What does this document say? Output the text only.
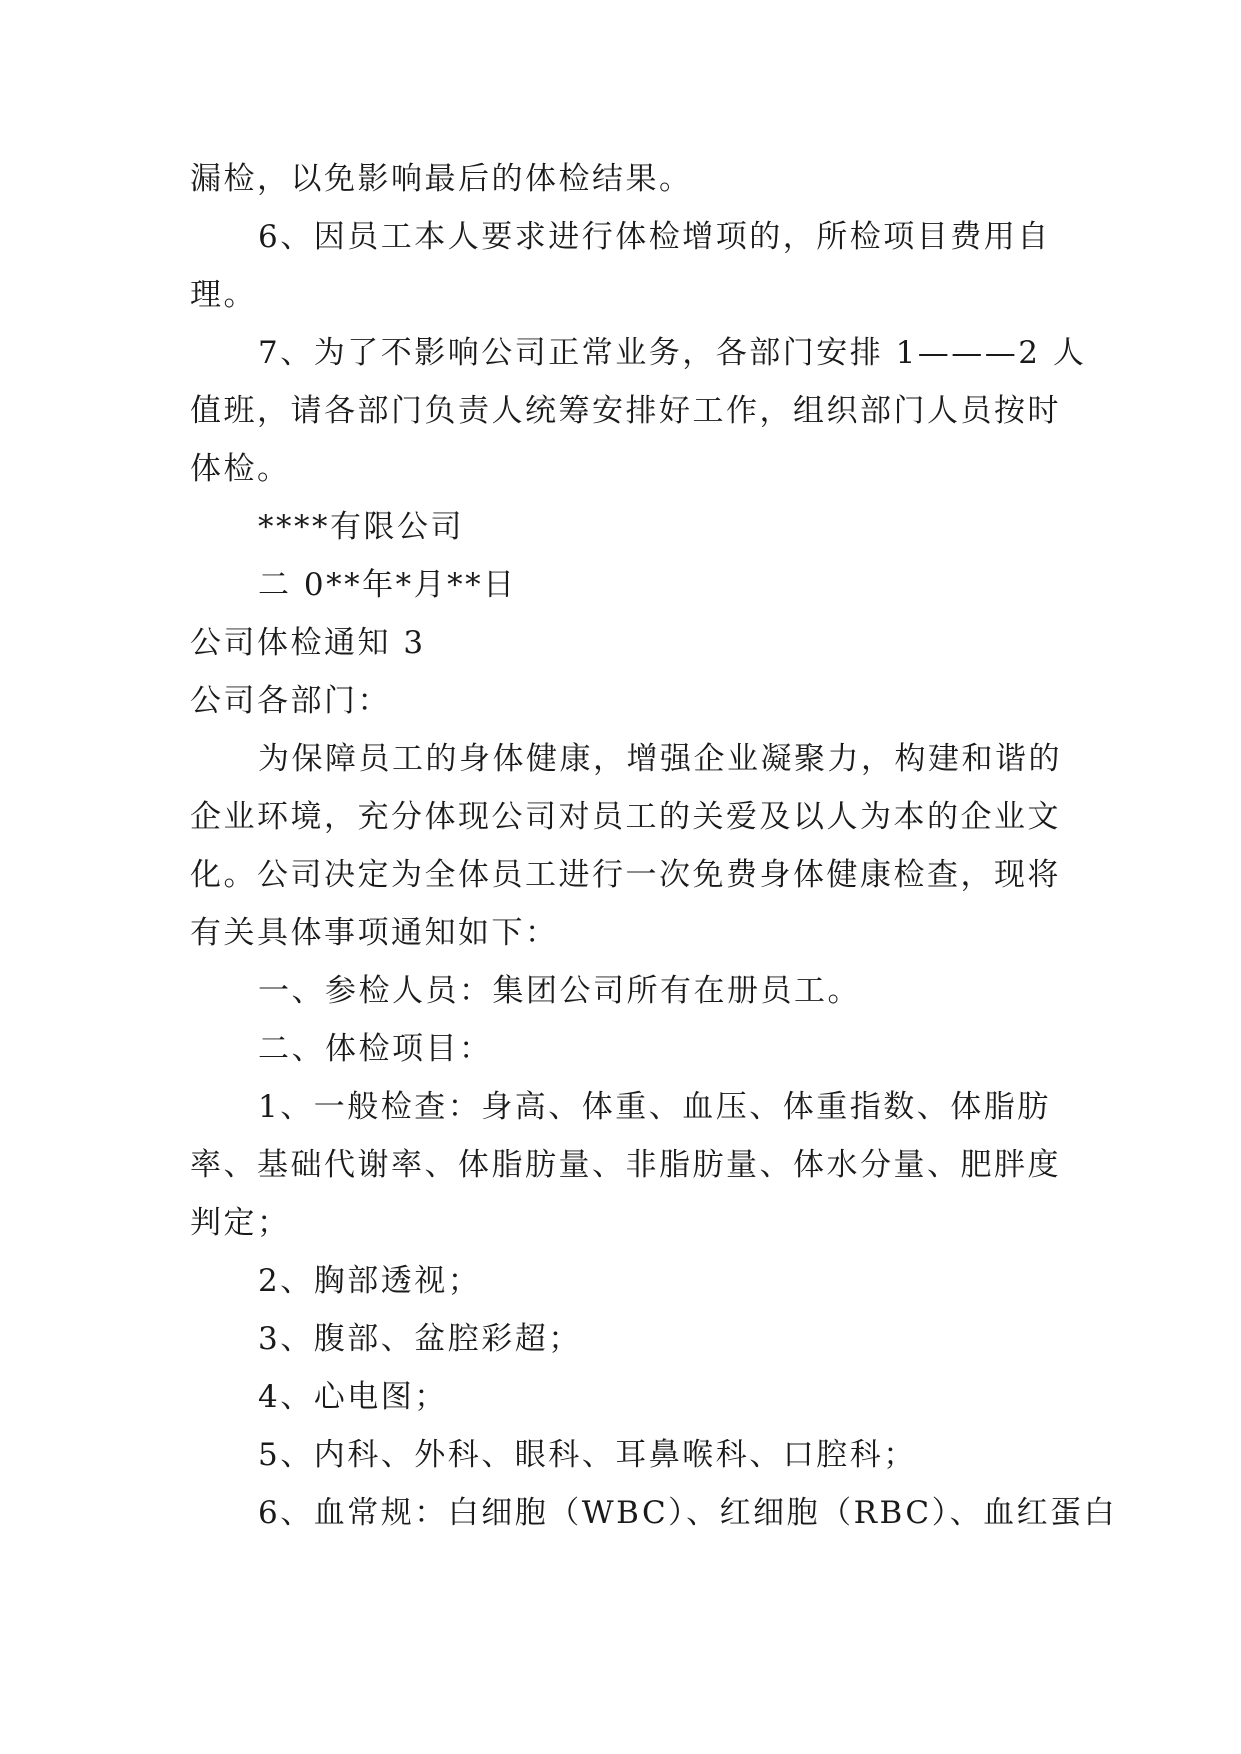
漏检，以免影响最后的体检结果。
6、因员工本人要求进行体检增项的，所检项目费用自
理。
7、为了不影响公司正常业务，各部门安排 1———2 人
值班，请各部门负责人统筹安排好工作，组织部门人员按时
体检。
****有限公司
二 0**年*月**日
公司体检通知 3
公司各部门：
为保障员工的身体健康，增强企业凝聚力，构建和谐的
企业环境，充分体现公司对员工的关爱及以人为本的企业文
化。公司决定为全体员工进行一次免费身体健康检查，现将
有关具体事项通知如下：
一、参检人员：集团公司所有在册员工。
二、体检项目：
1、一般检查：身高、体重、血压、体重指数、体脂肪
率、基础代谢率、体脂肪量、非脂肪量、体水分量、肥胖度
判定；
2、胸部透视；
3、腹部、盆腔彩超；
4、心电图；
5、内科、外科、眼科、耳鼻喉科、口腔科；
6、血常规：白细胞（WBC）、红细胞（RBC）、血红蛋白
